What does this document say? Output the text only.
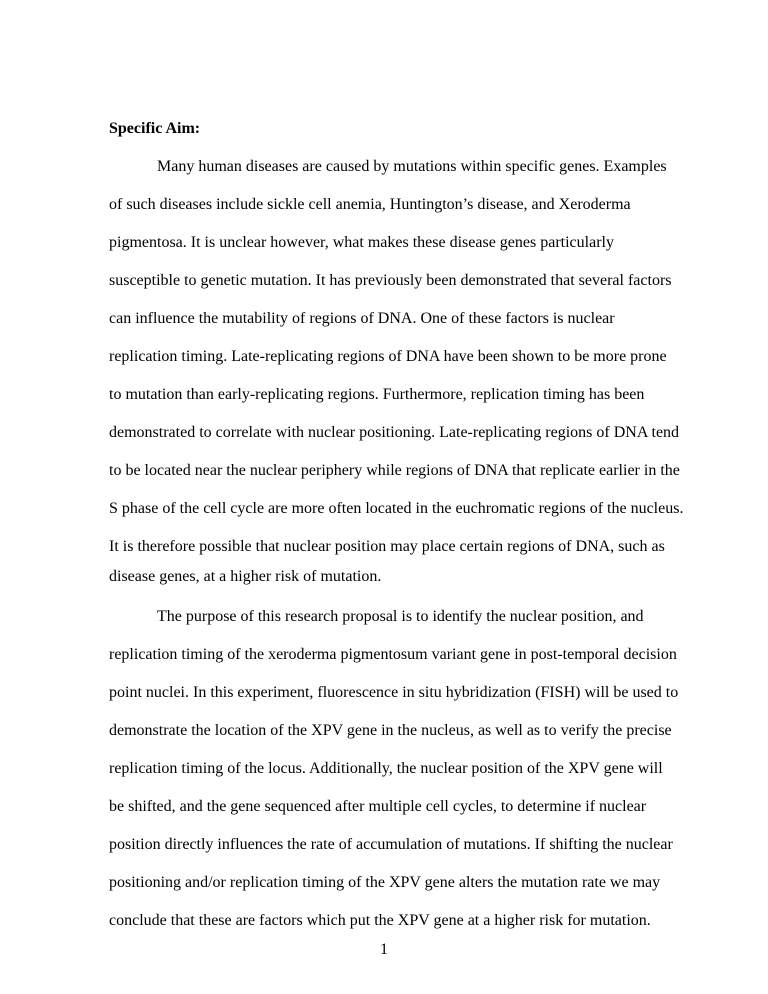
Specific Aim:
Many human diseases are caused by mutations within specific genes. Examples
of such diseases include sickle cell anemia, Huntington’s disease, and Xeroderma
pigmentosa. It is unclear however, what makes these disease genes particularly
susceptible to genetic mutation. It has previously been demonstrated that several factors
can influence the mutability of regions of DNA. One of these factors is nuclear
replication timing. Late-replicating regions of DNA have been shown to be more prone
to mutation than early-replicating regions. Furthermore, replication timing has been
demonstrated to correlate with nuclear positioning. Late-replicating regions of DNA tend
to be located near the nuclear periphery while regions of DNA that replicate earlier in the
S phase of the cell cycle are more often located in the euchromatic regions of the nucleus.
It is therefore possible that nuclear position may place certain regions of DNA, such as
disease genes, at a higher risk of mutation.
The purpose of this research proposal is to identify the nuclear position, and
replication timing of the xeroderma pigmentosum variant gene in post-temporal decision
point nuclei. In this experiment, fluorescence in situ hybridization (FISH) will be used to
demonstrate the location of the XPV gene in the nucleus, as well as to verify the precise
replication timing of the locus. Additionally, the nuclear position of the XPV gene will
be shifted, and the gene sequenced after multiple cell cycles, to determine if nuclear
position directly influences the rate of accumulation of mutations. If shifting the nuclear
positioning and/or replication timing of the XPV gene alters the mutation rate we may
conclude that these are factors which put the XPV gene at a higher risk for mutation.
1
